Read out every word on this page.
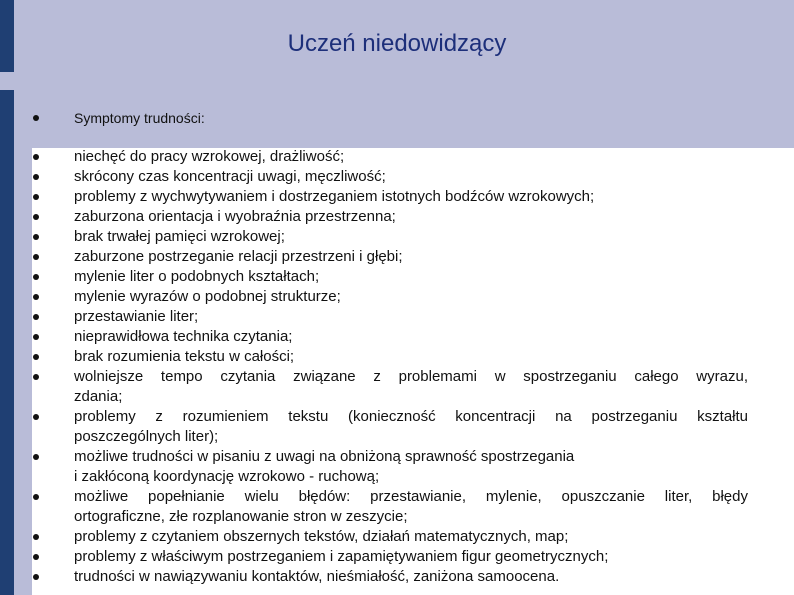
Uczeń niedowidzący
Symptomy trudności:
niechęć do pracy wzrokowej, drażliwość;
skrócony czas koncentracji uwagi, męczliwość;
problemy z wychwytywaniem i dostrzeganiem istotnych bodźców wzrokowych;
zaburzona orientacja i wyobraźnia przestrzenna;
brak trwałej pamięci wzrokowej;
zaburzone postrzeganie relacji przestrzeni i głębi;
mylenie liter o podobnych kształtach;
mylenie wyrazów o podobnej strukturze;
przestawianie liter;
nieprawidłowa technika czytania;
brak rozumienia tekstu w całości;
wolniejsze tempo czytania związane z problemami w spostrzeganiu całego wyrazu,
zdania;
problemy z rozumieniem tekstu (konieczność koncentracji na postrzeganiu kształtu
poszczególnych liter);
możliwe trudności w pisaniu z uwagi na obniżoną sprawność spostrzegania
i zakłóconą koordynację wzrokowo - ruchową;
możliwe popełnianie wielu błędów: przestawianie, mylenie, opuszczanie liter, błędy
ortograficzne, złe rozplanowanie stron w zeszycie;
problemy z czytaniem obszernych tekstów, działań matematycznych, map;
problemy z właściwym postrzeganiem i zapamiętywaniem figur geometrycznych;
trudności w nawiązywaniu kontaktów, nieśmiałość, zaniżona samoocena.
